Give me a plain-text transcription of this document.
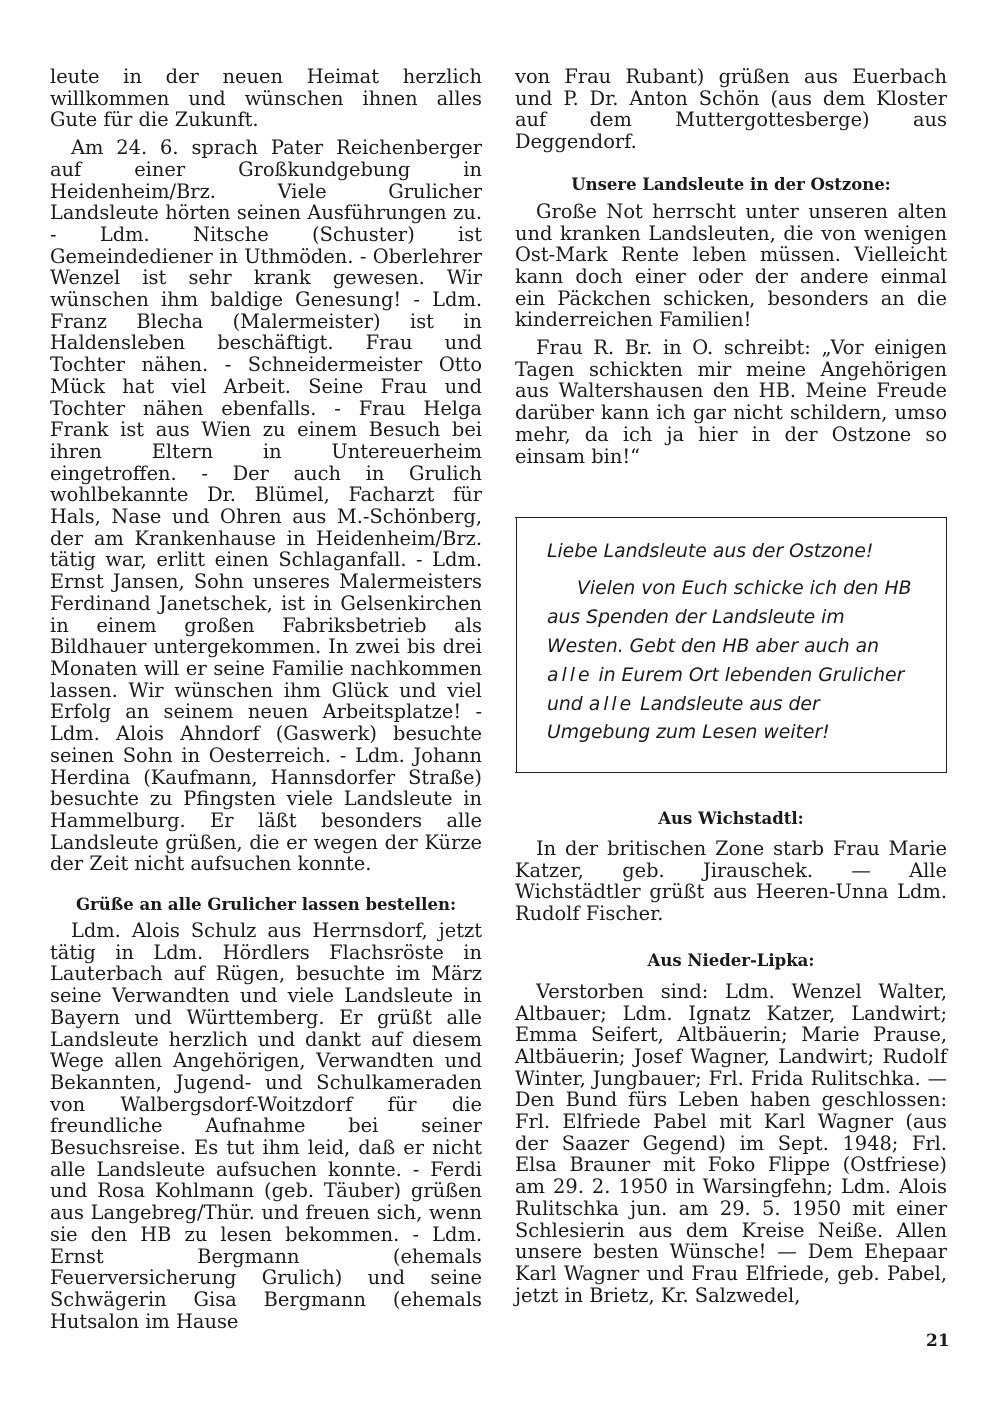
leute in der neuen Heimat herzlich willkommen und wünschen ihnen alles Gute für die Zukunft.

Am 24. 6. sprach Pater Reichenberger auf einer Großkundgebung in Heidenheim/Brz. Viele Grulicher Landsleute hörten seinen Ausführungen zu. - Ldm. Nitsche (Schuster) ist Gemeindediener in Uthmöden. - Oberlehrer Wenzel ist sehr krank gewesen. Wir wünschen ihm baldige Genesung! - Ldm. Franz Blecha (Malermeister) ist in Haldensleben beschäftigt. Frau und Tochter nähen. - Schneidermeister Otto Mück hat viel Arbeit. Seine Frau und Tochter nähen ebenfalls. - Frau Helga Frank ist aus Wien zu einem Besuch bei ihren Eltern in Untereuerheim eingetroffen. - Der auch in Grulich wohlbekannte Dr. Blümel, Facharzt für Hals, Nase und Ohren aus M.-Schönberg, der am Krankenhause in Heidenheim/Brz. tätig war, erlitt einen Schlaganfall. - Ldm. Ernst Jansen, Sohn unseres Malermeisters Ferdinand Janetschek, ist in Gelsenkirchen in einem großen Fabriksbetrieb als Bildhauer untergekommen. In zwei bis drei Monaten will er seine Familie nachkommen lassen. Wir wünschen ihm Glück und viel Erfolg an seinem neuen Arbeitsplatze! - Ldm. Alois Ahndorf (Gaswerk) besuchte seinen Sohn in Oesterreich. - Ldm. Johann Herdina (Kaufmann, Hannsdorfer Straße) besuchte zu Pfingsten viele Landsleute in Hammelburg. Er läßt besonders alle Landsleute grüßen, die er wegen der Kürze der Zeit nicht aufsuchen konnte.

Grüße an alle Grulicher lassen bestellen:

Ldm. Alois Schulz aus Herrnsdorf, jetzt tätig in Ldm. Hördlers Flachsröste in Lauterbach auf Rügen, besuchte im März seine Verwandten und viele Landsleute in Bayern und Württemberg. Er grüßt alle Landsleute herzlich und dankt auf diesem Wege allen Angehörigen, Verwandten und Bekannten, Jugend- und Schulkameraden von Walbergsdorf-Woitzdorf für die freundliche Aufnahme bei seiner Besuchsreise. Es tut ihm leid, daß er nicht alle Landsleute aufsuchen konnte. - Ferdi und Rosa Kohlmann (geb. Täuber) grüßen aus Langebreg/Thür. und freuen sich, wenn sie den HB zu lesen bekommen. - Ldm. Ernst Bergmann (ehemals Feuerversicherung Grulich) und seine Schwägerin Gisa Bergmann (ehemals Hutsalon im Hause

von Frau Rubant) grüßen aus Euerbach und P. Dr. Anton Schön (aus dem Kloster auf dem Muttergottesberge) aus Deggendorf.

Unsere Landsleute in der Ostzone:

Große Not herrscht unter unseren alten und kranken Landsleuten, die von wenigen Ost-Mark Rente leben müssen. Vielleicht kann doch einer oder der andere einmal ein Päckchen schicken, besonders an die kinderreichen Familien!

Frau R. Br. in O. schreibt: „Vor einigen Tagen schickten mir meine Angehörigen aus Waltershausen den HB. Meine Freude darüber kann ich gar nicht schildern, umso mehr, da ich ja hier in der Ostzone so einsam bin!“

Liebe Landsleute aus der Ostzone!

Vielen von Euch schicke ich den HB aus Spenden der Landsleute im Westen. Gebt den HB aber auch an alle in Eurem Ort lebenden Grulicher und alle Landsleute aus der Umgebung zum Lesen weiter!

Aus Wichstadtl:

In der britischen Zone starb Frau Marie Katzer, geb. Jirauschek. — Alle Wichstädtler grüßt aus Heeren-Unna Ldm. Rudolf Fischer.

Aus Nieder-Lipka:

Verstorben sind: Ldm. Wenzel Walter, Altbauer; Ldm. Ignatz Katzer, Landwirt; Emma Seifert, Altbäuerin; Marie Prause, Altbäuerin; Josef Wagner, Landwirt; Rudolf Winter, Jungbauer; Frl. Frida Rulitschka. — Den Bund fürs Leben haben geschlossen: Frl. Elfriede Pabel mit Karl Wagner (aus der Saazer Gegend) im Sept. 1948; Frl. Elsa Brauner mit Foko Flippe (Ostfriese) am 29. 2. 1950 in Warsingfehn; Ldm. Alois Rulitschka jun. am 29. 5. 1950 mit einer Schlesierin aus dem Kreise Neiße. Allen unsere besten Wünsche! — Dem Ehepaar Karl Wagner und Frau Elfriede, geb. Pabel, jetzt in Brietz, Kr. Salzwedel,

21
